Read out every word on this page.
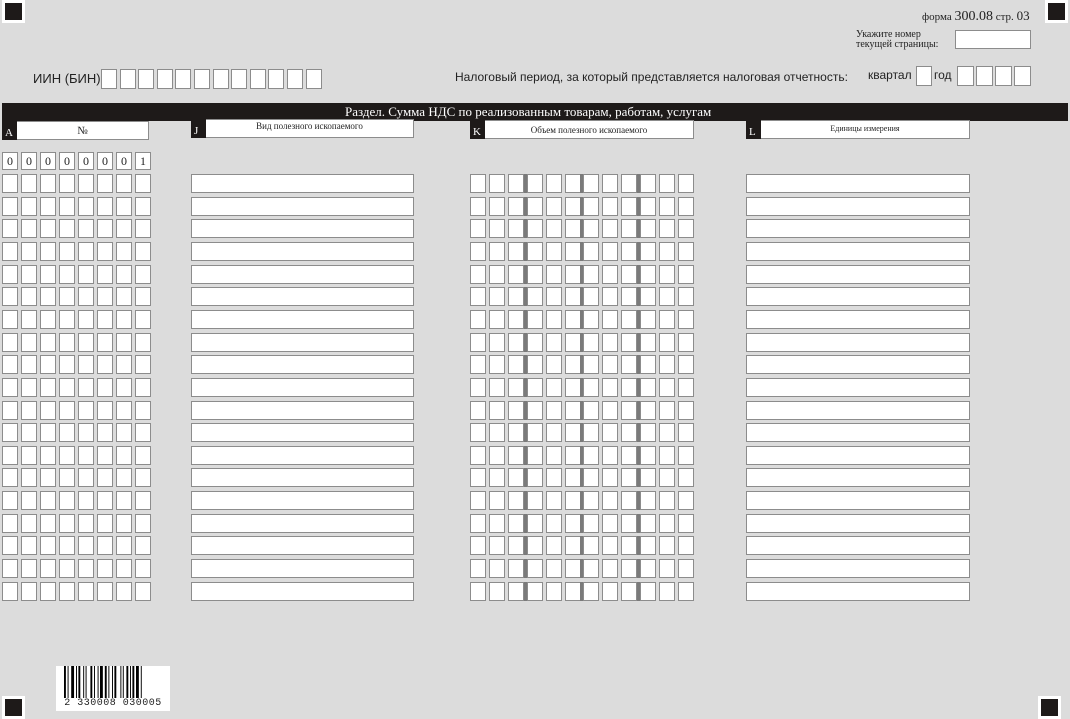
форма 300.08 стр. 03
Укажите номер
текущей страницы:
ИИН (БИН)	Налоговый период, за который представляется налоговая отчетность: квартал год
Раздел. Сумма НДС по реализованным товарам, работам, услугам
A	№	J	Вид полезного ископаемого	K	Объем полезного ископаемого	L	Единицы измерения
0	0	0	0	0	0	0	1
2 330008 030005
